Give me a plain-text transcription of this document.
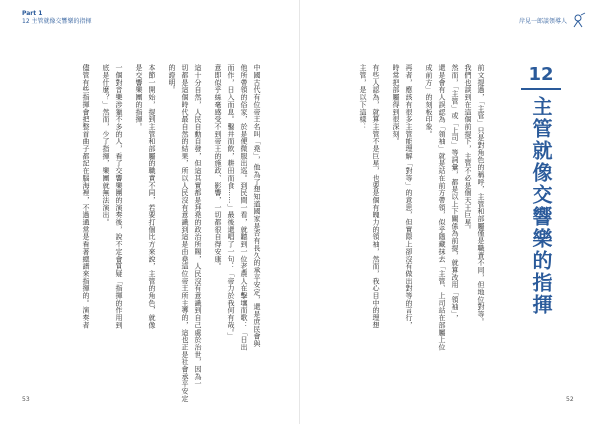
Part 1
12 主管就像交響樂的指揮	岸見一郎談領導人
12
主管就像交響樂的指揮
前文提過，「主管」只是對角色的稱呼，主管和部屬僅是職責不同，但地位對等。
我們也談到在這個前提下，主管不必是個天王巨星。
然而，「主管」或「上司」等詞彙，都是以上下關係為前提，就算改用「領袖」，
還是會有人誤認為「領袖」就是站在前方帶領，似乎隱藏抹去「主管、上司站在部屬上位
成前方」的刻板印象。
再者，應該有很多主管能理解「對等」的意思，但實際上卻沒有做出對等的言行，
時常把部屬得到很深刻。
有些人認為，就算主管不是巨星，也要是個有魄力的領袖，然而，我心目中的理想
主管，是以下這樣：
中國古代有位帝王名叫「堯」，他為了想知道國家是否有長久的承平安定，還是庶民會與
他所帶領的俗家，於是便微服出巡。到民間一看，就聽到一位老農人在擊壤而歌：「日出
而作，日入而息。鑿井而飲，耕田而食……」最後還唱了一句：「帝力於我何有哉。」
意即似乎絲毫感受不到帝王的施政、影響，一切都很自得安康。
這十分自然，人民自動自發，但這其實都是拜堯的政治所賜，人民沒有意識到自己處於治世，因為一
切都是這個時代最自然的結果，所以人民沒有意識到這是由堯這位帝王所主導的，這也正是社會承平安定
的證明。
本節一開始，提到主管和部屬的職責不同，若要打個比方來說，主管的角色，就像
是交響樂團的指揮。
一個對音樂涉獵不多的人，看了交響樂團的演奏後，說不定會質疑「指揮的作用到
底是什麼？」然而，少了指揮，樂團就無法演出。
儘管有些指揮會把整首曲子都記在腦海裡，不過通常是看著總譜來指揮的。演奏者
53	52
